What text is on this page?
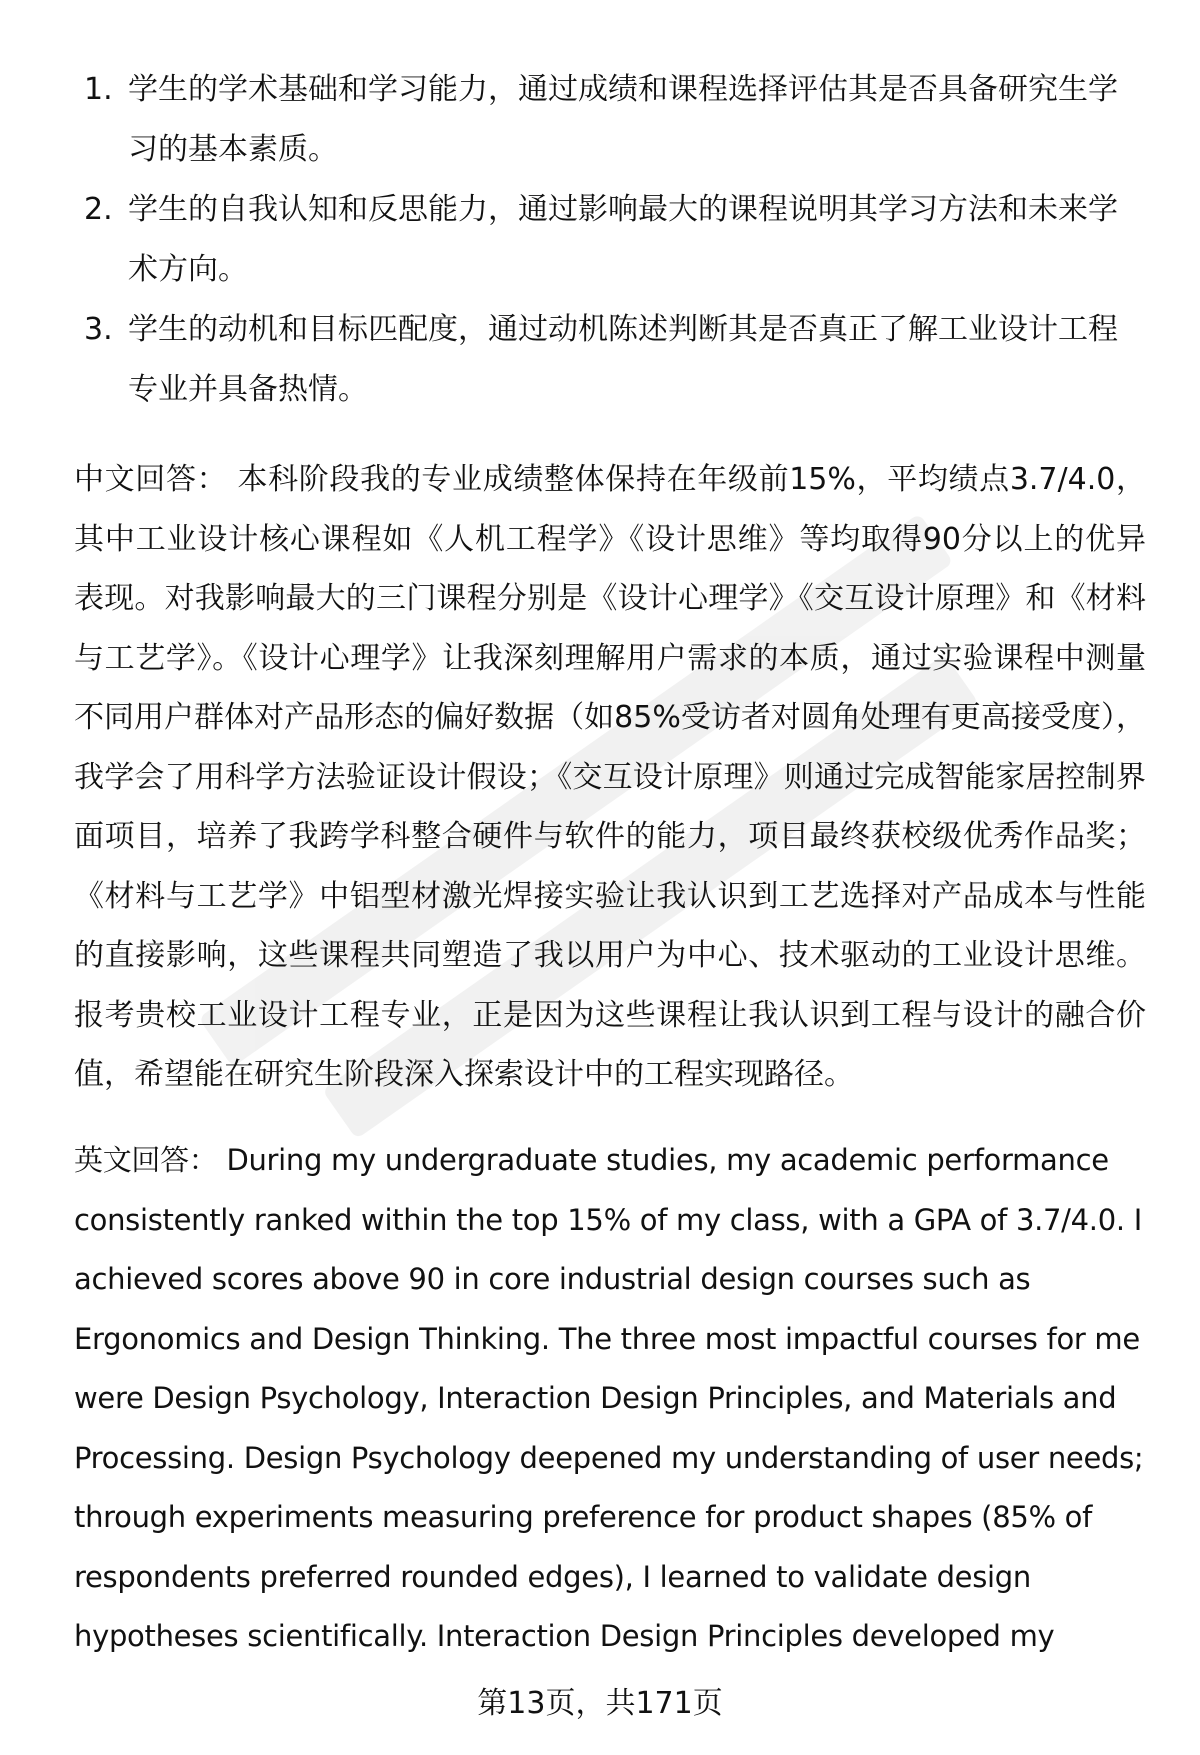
1. 学生的学术基础和学习能力，通过成绩和课程选择评估其是否具备研究生学习的基本素质。
2. 学生的自我认知和反思能力，通过影响最大的课程说明其学习方法和未来学术方向。
3. 学生的动机和目标匹配度，通过动机陈述判断其是否真正了解工业设计工程专业并具备热情。

中文回答： 本科阶段我的专业成绩整体保持在年级前15%，平均绩点3.7/4.0，其中工业设计核心课程如《人机工程学》《设计思维》等均取得90分以上的优异表现。对我影响最大的三门课程分别是《设计心理学》《交互设计原理》和《材料与工艺学》。《设计心理学》让我深刻理解用户需求的本质，通过实验课程中测量不同用户群体对产品形态的偏好数据（如85%受访者对圆角处理有更高接受度），我学会了用科学方法验证设计假设；《交互设计原理》则通过完成智能家居控制界面项目，培养了我跨学科整合硬件与软件的能力，项目最终获校级优秀作品奖；《材料与工艺学》中铝型材激光焊接实验让我认识到工艺选择对产品成本与性能的直接影响，这些课程共同塑造了我以用户为中心、技术驱动的工业设计思维。报考贵校工业设计工程专业，正是因为这些课程让我认识到工程与设计的融合价值，希望能在研究生阶段深入探索设计中的工程实现路径。

英文回答： During my undergraduate studies, my academic performance consistently ranked within the top 15% of my class, with a GPA of 3.7/4.0. I achieved scores above 90 in core industrial design courses such as Ergonomics and Design Thinking. The three most impactful courses for me were Design Psychology, Interaction Design Principles, and Materials and Processing. Design Psychology deepened my understanding of user needs; through experiments measuring preference for product shapes (85% of respondents preferred rounded edges), I learned to validate design hypotheses scientifically. Interaction Design Principles developed my

第13页，共171页
